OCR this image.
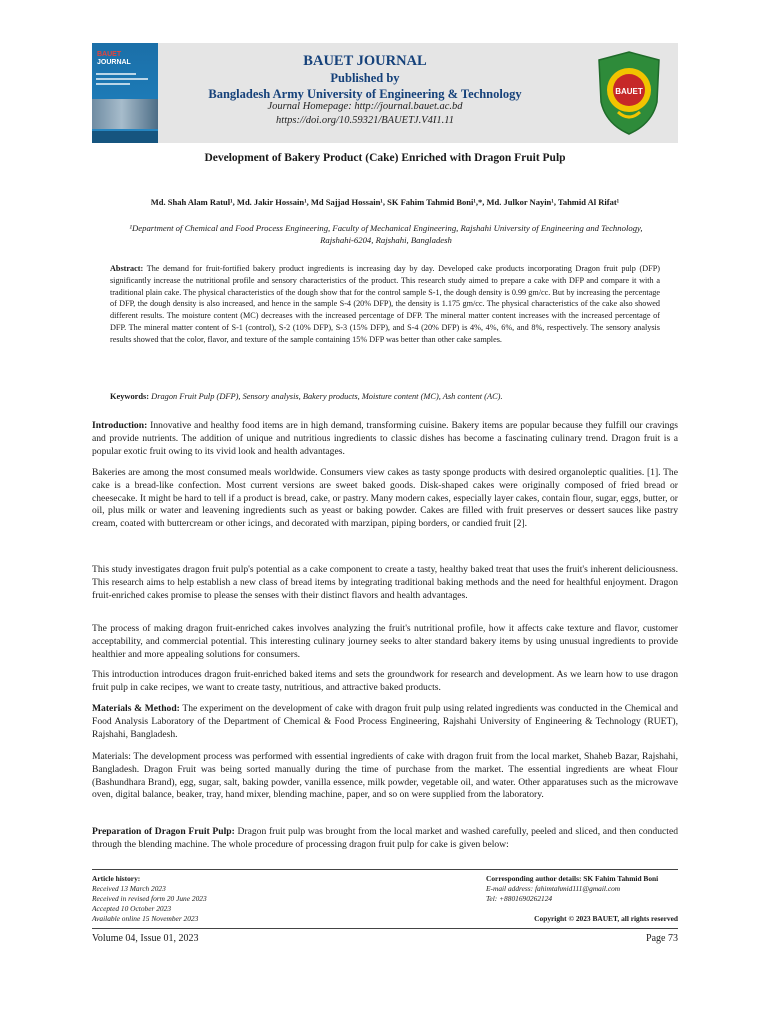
BAUET
JOURNAL	BAUET JOURNAL
Published by
Bangladesh Army University of Engineering & Technology
Journal Homepage: http://journal.bauet.ac.bd
https://doi.org/10.59321/BAUETJ.V4I1.11
BAUET
Development of Bakery Product (Cake) Enriched with Dragon Fruit Pulp
Md. Shah Alam Ratul¹, Md. Jakir Hossain¹, Md Sajjad Hossain¹, SK Fahim Tahmid Boni¹,*, Md. Julkor Nayin¹, Tahmid Al Rifat¹
¹Department of Chemical and Food Process Engineering, Faculty of Mechanical Engineering, Rajshahi University of Engineering and Technology, Rajshahi-6204, Rajshahi, Bangladesh

Abstract: The demand for fruit-fortified bakery product ingredients is increasing day by day. Developed cake products incorporating Dragon fruit pulp (DFP) significantly increase the nutritional profile and sensory characteristics of the product. This research study aimed to prepare a cake with DFP and compare it with a traditional plain cake. The physical characteristics of the dough show that for the control sample S-1, the dough density is 0.99 gm/cc. But by increasing the percentage of DFP, the dough density is also increased, and hence in the sample S-4 (20% DFP), the density is 1.175 gm/cc. The physical characteristics of the cake also showed different results. The moisture content (MC) decreases with the increased percentage of DFP. The mineral matter content increases with the increased percentage of DFP. The mineral matter content of S-1 (control), S-2 (10% DFP), S-3 (15% DFP), and S-4 (20% DFP) is 4%, 4%, 6%, and 8%, respectively. The sensory analysis results showed that the color, flavor, and texture of the sample containing 15% DFP was better than other cake samples.

Keywords: Dragon Fruit Pulp (DFP), Sensory analysis, Bakery products, Moisture content (MC), Ash content (AC).

Introduction: Innovative and healthy food items are in high demand, transforming cuisine. Bakery items are popular because they fulfill our cravings and provide nutrients. The addition of unique and nutritious ingredients to classic dishes has become a fascinating culinary trend. Dragon fruit is a popular exotic fruit owing to its vivid look and health advantages.

Bakeries are among the most consumed meals worldwide. Consumers view cakes as tasty sponge products with desired organoleptic qualities. [1]. The cake is a bread-like confection. Most current versions are sweet baked goods. Disk-shaped cakes were originally composed of fried bread or cheesecake. It might be hard to tell if a product is bread, cake, or pastry. Many modern cakes, especially layer cakes, contain flour, sugar, eggs, butter, or oil, plus milk or water and leavening ingredients such as yeast or baking powder. Cakes are filled with fruit preserves or dessert sauces like pastry cream, coated with buttercream or other icings, and decorated with marzipan, piping borders, or candied fruit [2].

This study investigates dragon fruit pulp's potential as a cake component to create a tasty, healthy baked treat that uses the fruit's inherent deliciousness. This research aims to help establish a new class of bread items by integrating traditional baking methods and the need for healthful enjoyment. Dragon fruit-enriched cakes promise to please the senses with their distinct flavors and health advantages.

The process of making dragon fruit-enriched cakes involves analyzing the fruit's nutritional profile, how it affects cake texture and flavor, customer acceptability, and commercial potential. This interesting culinary journey seeks to alter standard bakery items by using unusual ingredients to provide healthier and more appealing solutions for consumers.

This introduction introduces dragon fruit-enriched baked items and sets the groundwork for research and development. As we learn how to use dragon fruit pulp in cake recipes, we want to create tasty, nutritious, and attractive baked products.

Materials & Method: The experiment on the development of cake with dragon fruit pulp using related ingredients was conducted in the Chemical and Food Analysis Laboratory of the Department of Chemical & Food Process Engineering, Rajshahi University of Engineering & Technology (RUET), Rajshahi, Bangladesh.

Materials: The development process was performed with essential ingredients of cake with dragon fruit from the local market, Shaheb Bazar, Rajshahi, Bangladesh. Dragon Fruit was being sorted manually during the time of purchase from the market. The essential ingredients are wheat Flour (Bashundhara Brand), egg, sugar, salt, baking powder, vanilla essence, milk powder, vegetable oil, and water. Other apparatuses such as the microwave oven, digital balance, beaker, tray, hand mixer, blending machine, paper, and so on were supplied from the laboratory.

Preparation of Dragon Fruit Pulp: Dragon fruit pulp was brought from the local market and washed carefully, peeled and sliced, and then conducted through the blending machine. The whole procedure of processing dragon fruit pulp for cake is given below:

Article history:
Received 13 March 2023
Received in revised form 20 June 2023
Accepted 10 October 2023
Available online 15 November 2023
Corresponding author details: SK Fahim Tahmid Boni
E-mail address: fahimtahmid111@gmail.com
Tel: +8801690262124
Copyright © 2023 BAUET, all rights reserved
Volume 04, Issue 01, 2023	Page 73
